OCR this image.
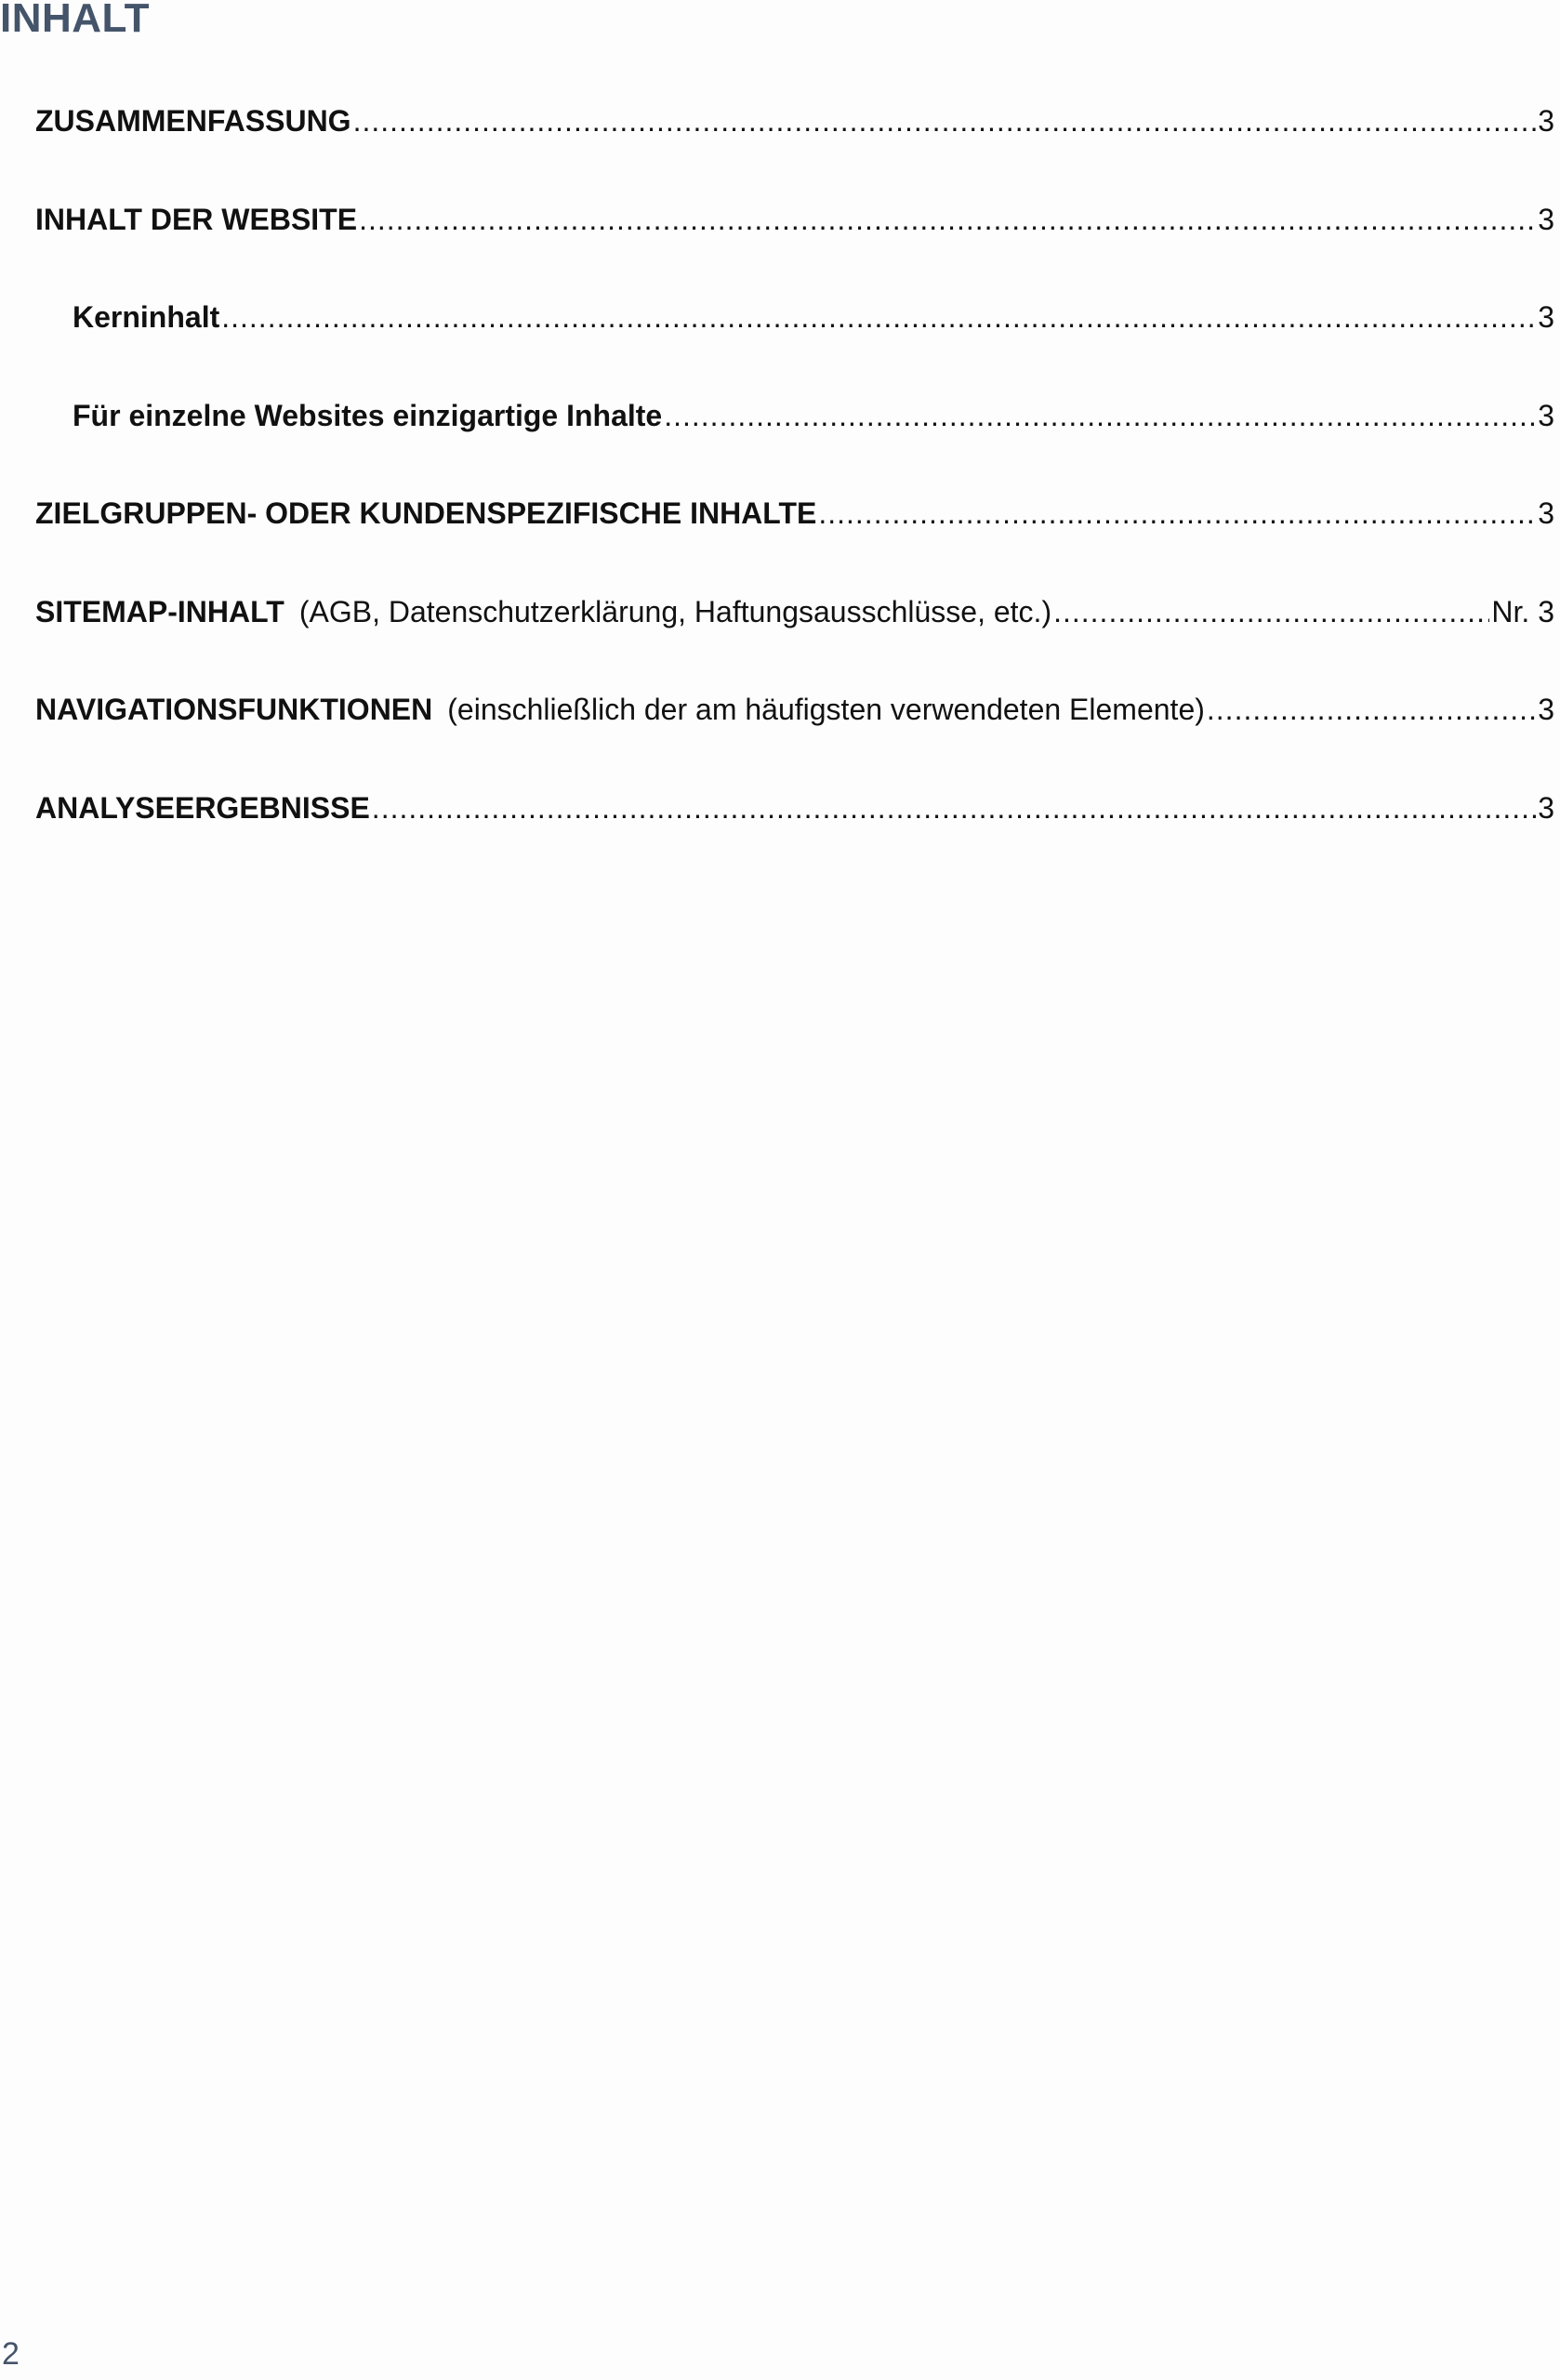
INHALT
ZUSAMMENFASSUNG .....	3
INHALT DER WEBSITE .....	3
Kerninhalt .....	3
Für einzelne Websites einzigartige Inhalte .....	3
ZIELGRUPPEN- ODER KUNDENSPEZIFISCHE INHALTE .....	3
SITEMAP-INHALT (AGB, Datenschutzerklärung, Haftungsausschlüsse, etc.) .....	Nr. 3
NAVIGATIONSFUNKTIONEN (einschließlich der am häufigsten verwendeten Elemente) .....	3
ANALYSEERGEBNISSE .....	3
2
